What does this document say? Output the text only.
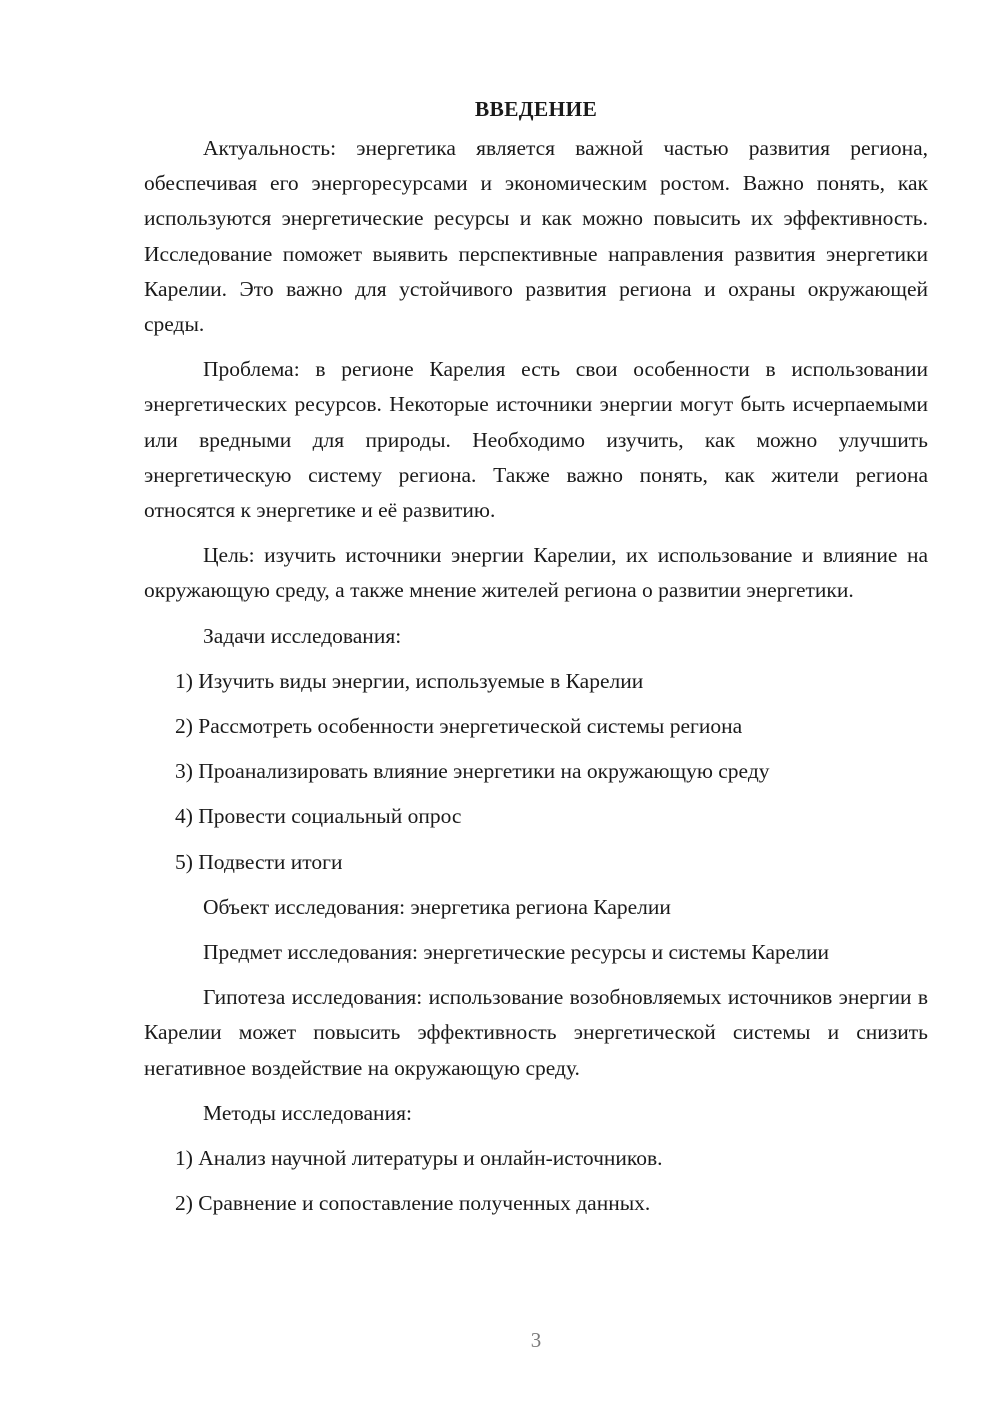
ВВЕДЕНИЕ

Актуальность: энергетика является важной частью развития региона, обеспечивая его энергоресурсами и экономическим ростом. Важно понять, как используются энергетические ресурсы и как можно повысить их эффективность. Исследование поможет выявить перспективные направления развития энергетики Карелии. Это важно для устойчивого развития региона и охраны окружающей среды.

Проблема: в регионе Карелия есть свои особенности в использовании энергетических ресурсов. Некоторые источники энергии могут быть исчерпаемыми или вредными для природы. Необходимо изучить, как можно улучшить энергетическую систему региона. Также важно понять, как жители региона относятся к энергетике и её развитию.

Цель: изучить источники энергии Карелии, их использование и влияние на окружающую среду, а также мнение жителей региона о развитии энергетики.

Задачи исследования:

1) Изучить виды энергии, используемые в Карелии
2) Рассмотреть особенности энергетической системы региона
3) Проанализировать влияние энергетики на окружающую среду
4) Провести социальный опрос
5) Подвести итоги

Объект исследования: энергетика региона Карелии

Предмет исследования: энергетические ресурсы и системы Карелии

Гипотеза исследования: использование возобновляемых источников энергии в Карелии может повысить эффективность энергетической системы и снизить негативное воздействие на окружающую среду.

Методы исследования:

1) Анализ научной литературы и онлайн-источников.
2) Сравнение и сопоставление полученных данных.
3
